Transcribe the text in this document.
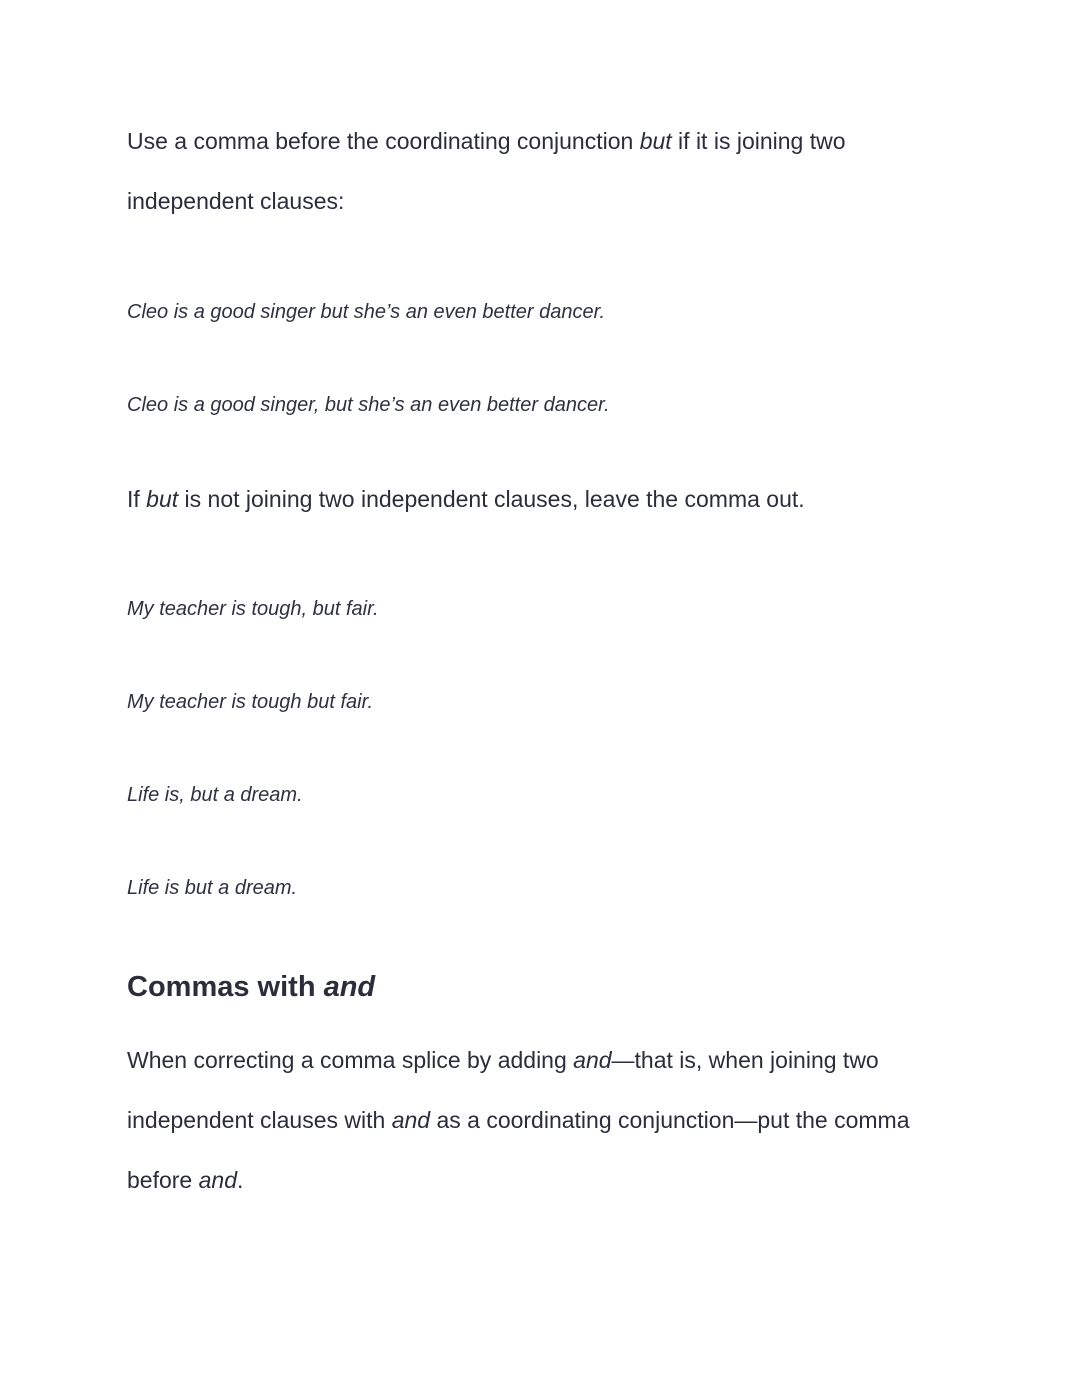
Use a comma before the coordinating conjunction but if it is joining two independent clauses:

Cleo is a good singer but she’s an even better dancer.

Cleo is a good singer, but she’s an even better dancer.

If but is not joining two independent clauses, leave the comma out.

My teacher is tough, but fair.

My teacher is tough but fair.

Life is, but a dream.

Life is but a dream.

Commas with and

When correcting a comma splice by adding and—that is, when joining two independent clauses with and as a coordinating conjunction—put the comma before and.
